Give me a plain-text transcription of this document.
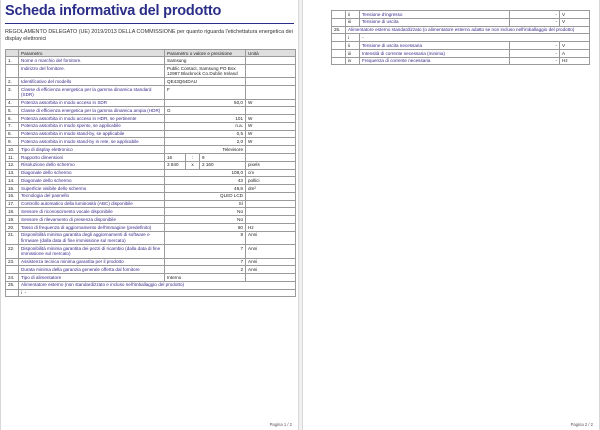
Scheda informativa del prodotto
REGOLAMENTO DELEGATO (UE) 2019/2013 DELLA COMMISSIONE per quanto riguarda l'etichettatura energetica dei display elettronici
	Parametro	Parametro o valore e precisione			Unità
1.	Nome o marchio del fornitore.	Samsung			
	Indirizzo del fornitore.	Public Contact, Samsung PO Box 12987 Blackrock Co.Dublin Ireland			
2.	Identificativo del modello	QE43Q64DAU			
3.	Classe di efficienza energetica per la gamma dinamica standard (SDR)	F			
4.	Potenza assorbita in modo acceso in SDR	50,0			W
5.	Classe di efficienza energetica per la gamma dinamica ampia (HDR)	G			
6.	Potenza assorbita in modo acceso in HDR, se pertinente	101			W
7.	Potenza assorbita in modo spento, se applicabile	n.a.			W
8.	Potenza assorbita in modo stand-by, se applicabile	0,5			W
9.	Potenza assorbita in modo stand-by in rete, se applicabile	2,0			W
10.	Tipo di display elettronico	Televisore			
11.	Rapporto dimensioni	16	:	9	
12.	Risoluzione dello schermo	3 840	x	2 160	pixels
13.	Diagonale dello schermo	108,0			cm
14.	Diagonale dello schermo	43			pollici
15.	Superficie visibile dello schermo	49,8			dm²
16.	Tecnologia del pannello	QLED LCD			
17.	Controllo automatico della luminosità (ABC) disponibile	Sì			
18.	Sensore di riconoscimento vocale disponibile	No			
19.	Sensore di rilevamento di presenza disponibile	No			
20.	Tasso di frequenza di aggiornamento dell'immagine (predefinito)	60			Hz
21.	Disponibilità minima garantita degli aggiornamenti di software e firmware (dalla data di fine immissione sul mercato)	8			Anni
22.	Disponibilità minima garantita dei pezzi di ricambio (dalla data di fine immissione sul mercato)	7			Anni
23.	Assistenza tecnica minima garantita per il prodotto	7			Anni
	Durata minima della garanzia generale offerta dal fornitore	2			Anni
24.	Tipo di alimentatore	Interno			
25.	Alimentatore esterno (non standardizzato e incluso nell'imballaggio del prodotto)				
	i -				
Pagina 1 / 2
	ii	Tensione d'ingresso	-	V
	iii	Tensione di uscita	-	V
26.	Alimentatore esterno standardizzato (o alimentatore esterno adatto se non incluso nell'imballaggio del prodotto)			
	i	-		
	ii	Tensione di uscita necessaria	-	V
	iii	Intensità di corrente necessaria (minima)	-	A
	iv	Frequenza di corrente necessaria	-	Hz
Pagina 2 / 2
